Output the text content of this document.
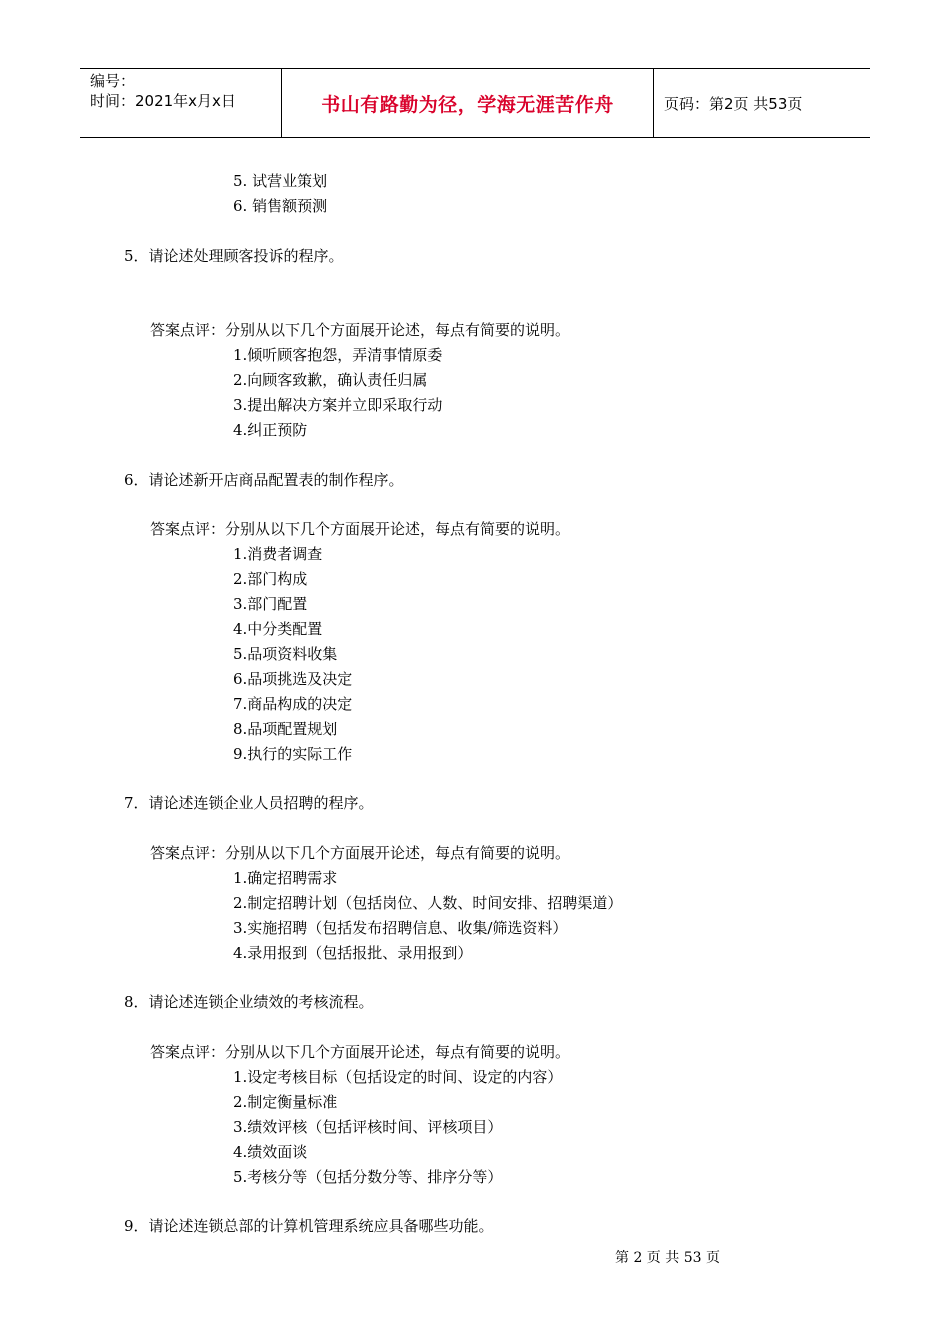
编号：
时间：2021年x月x日	书山有路勤为径，学海无涯苦作舟	页码：第2页 共53页
5. 试营业策划
6. 销售额预测
5．请论述处理顾客投诉的程序。
答案点评：分别从以下几个方面展开论述，每点有简要的说明。
1.倾听顾客抱怨，弄清事情原委
2.向顾客致歉，确认责任归属
3.提出解决方案并立即采取行动
4.纠正预防
6．请论述新开店商品配置表的制作程序。
答案点评：分别从以下几个方面展开论述，每点有简要的说明。
1.消费者调查
2.部门构成
3.部门配置
4.中分类配置
5.品项资料收集
6.品项挑选及决定
7.商品构成的决定
8.品项配置规划
9.执行的实际工作
7．请论述连锁企业人员招聘的程序。
答案点评：分别从以下几个方面展开论述，每点有简要的说明。
1.确定招聘需求
2.制定招聘计划（包括岗位、人数、时间安排、招聘渠道）
3.实施招聘（包括发布招聘信息、收集/筛选资料）
4.录用报到（包括报批、录用报到）
8．请论述连锁企业绩效的考核流程。
答案点评：分别从以下几个方面展开论述，每点有简要的说明。
1.设定考核目标（包括设定的时间、设定的内容）
2.制定衡量标准
3.绩效评核（包括评核时间、评核项目）
4.绩效面谈
5.考核分等（包括分数分等、排序分等）
9．请论述连锁总部的计算机管理系统应具备哪些功能。
第 2 页 共 53 页
